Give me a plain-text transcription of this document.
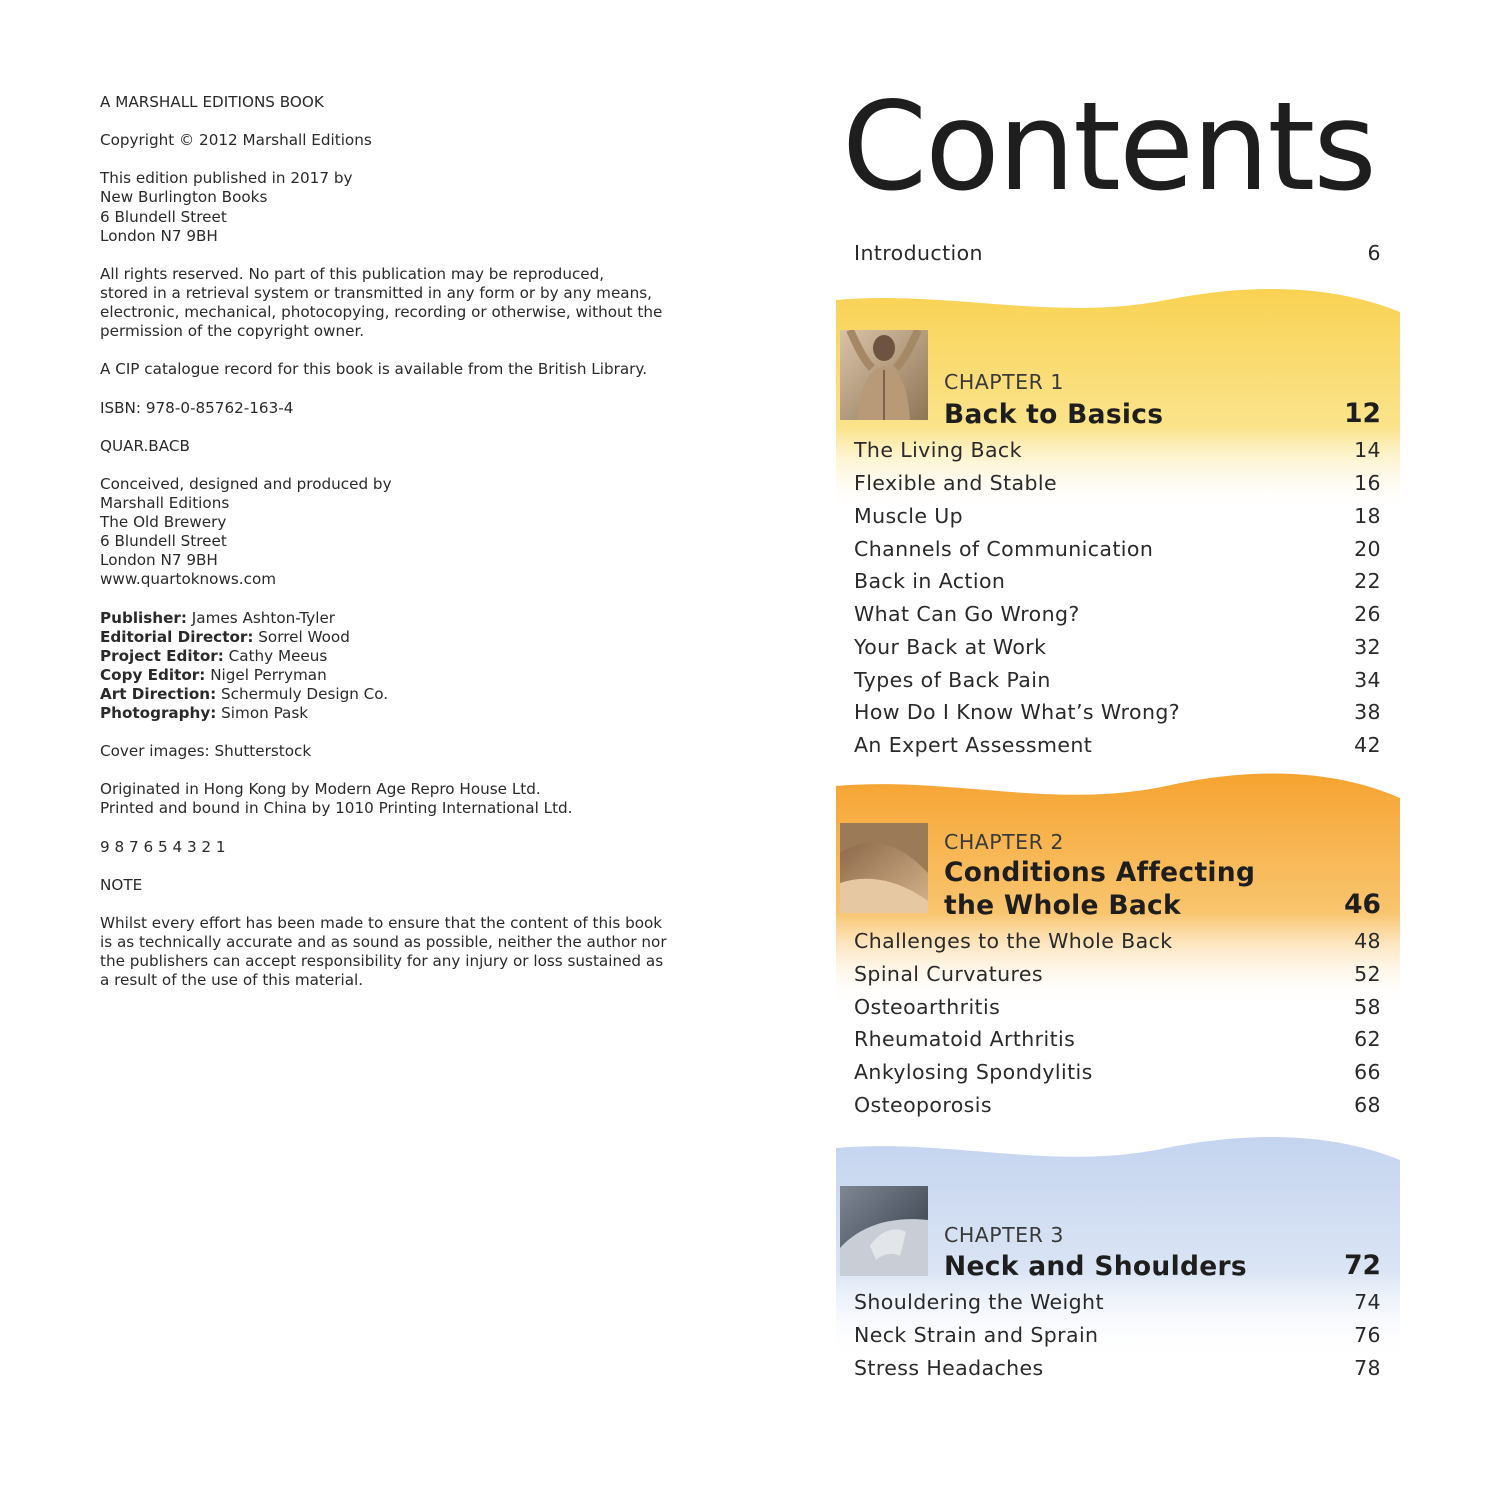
A MARSHALL EDITIONS BOOK

Copyright © 2012 Marshall Editions

This edition published in 2017 by
New Burlington Books
6 Blundell Street
London N7 9BH

All rights reserved. No part of this publication may be reproduced,
stored in a retrieval system or transmitted in any form or by any means,
electronic, mechanical, photocopying, recording or otherwise, without the
permission of the copyright owner.

A CIP catalogue record for this book is available from the British Library.

ISBN: 978-0-85762-163-4

QUAR.BACB

Conceived, designed and produced by
Marshall Editions
The Old Brewery
6 Blundell Street
London N7 9BH
www.quartoknows.com

Publisher: James Ashton-Tyler
Editorial Director: Sorrel Wood
Project Editor: Cathy Meeus
Copy Editor: Nigel Perryman
Art Direction: Schermuly Design Co.
Photography: Simon Pask

Cover images: Shutterstock

Originated in Hong Kong by Modern Age Repro House Ltd.
Printed and bound in China by 1010 Printing International Ltd.

9 8 7 6 5 4 3 2 1

NOTE

Whilst every effort has been made to ensure that the content of this book
is as technically accurate and as sound as possible, neither the author nor
the publishers can accept responsibility for any injury or loss sustained as
a result of the use of this material.

Contents
Introduction	6
CHAPTER 1
Back to Basics	12
The Living Back	14
Flexible and Stable	16
Muscle Up	18
Channels of Communication	20
Back in Action	22
What Can Go Wrong?	26
Your Back at Work	32
Types of Back Pain	34
How Do I Know What’s Wrong?	38
An Expert Assessment	42
CHAPTER 2
Conditions Affecting
the Whole Back	46
Challenges to the Whole Back	48
Spinal Curvatures	52
Osteoarthritis	58
Rheumatoid Arthritis	62
Ankylosing Spondylitis	66
Osteoporosis	68
CHAPTER 3
Neck and Shoulders	72
Shouldering the Weight	74
Neck Strain and Sprain	76
Stress Headaches	78
